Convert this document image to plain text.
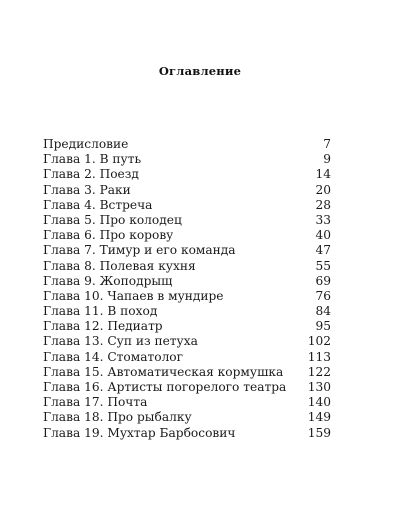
Оглавление
Предисловие	7
Глава 1. В путь	9
Глава 2. Поезд	14
Глава 3. Раки	20
Глава 4. Встреча	28
Глава 5. Про колодец	33
Глава 6. Про корову	40
Глава 7. Тимур и его команда	47
Глава 8. Полевая кухня	55
Глава 9. Жоподрыщ	69
Глава 10. Чапаев в мундире	76
Глава 11. В поход	84
Глава 12. Педиатр	95
Глава 13. Суп из петуха	102
Глава 14. Стоматолог	113
Глава 15. Автоматическая кормушка	122
Глава 16. Артисты погорелого театра	130
Глава 17. Почта	140
Глава 18. Про рыбалку	149
Глава 19. Мухтар Барбосович	159
